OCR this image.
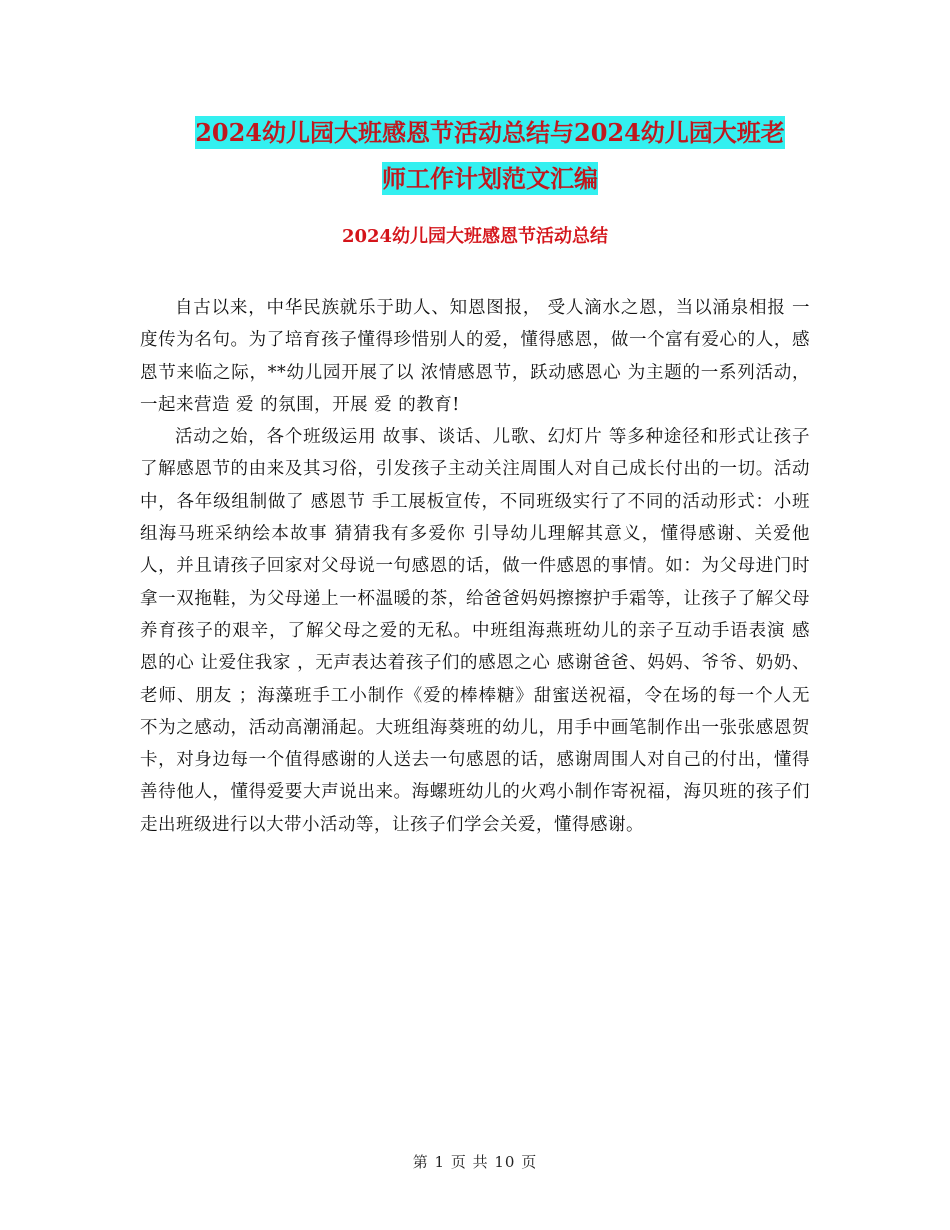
2024幼儿园大班感恩节活动总结与2024幼儿园大班老
师工作计划范文汇编
2024幼儿园大班感恩节活动总结

自古以来，中华民族就乐于助人、知恩图报， 受人滴水之恩，当以涌泉相报 一度传为名句。为了培育孩子懂得珍惜别人的爱，懂得感恩，做一个富有爱心的人，感恩节来临之际，**幼儿园开展了以 浓情感恩节，跃动感恩心 为主题的一系列活动，一起来营造 爱 的氛围，开展 爱 的教育!

活动之始，各个班级运用 故事、谈话、儿歌、幻灯片 等多种途径和形式让孩子了解感恩节的由来及其习俗，引发孩子主动关注周围人对自己成长付出的一切。活动中，各年级组制做了 感恩节 手工展板宣传，不同班级实行了不同的活动形式：小班组海马班采纳绘本故事 猜猜我有多爱你 引导幼儿理解其意义，懂得感谢、关爱他人，并且请孩子回家对父母说一句感恩的话，做一件感恩的事情。如：为父母进门时拿一双拖鞋，为父母递上一杯温暖的茶，给爸爸妈妈擦擦护手霜等，让孩子了解父母养育孩子的艰辛，了解父母之爱的无私。中班组海燕班幼儿的亲子互动手语表演 感恩的心 让爱住我家 ，无声表达着孩子们的感恩之心 感谢爸爸、妈妈、爷爷、奶奶、老师、朋友 ；海藻班手工小制作《爱的棒棒糖》甜蜜送祝福，令在场的每一个人无不为之感动，活动高潮涌起。大班组海葵班的幼儿，用手中画笔制作出一张张感恩贺卡，对身边每一个值得感谢的人送去一句感恩的话，感谢周围人对自己的付出，懂得善待他人，懂得爱要大声说出来。海螺班幼儿的火鸡小制作寄祝福，海贝班的孩子们走出班级进行以大带小活动等，让孩子们学会关爱，懂得感谢。

第 1 页 共 10 页
